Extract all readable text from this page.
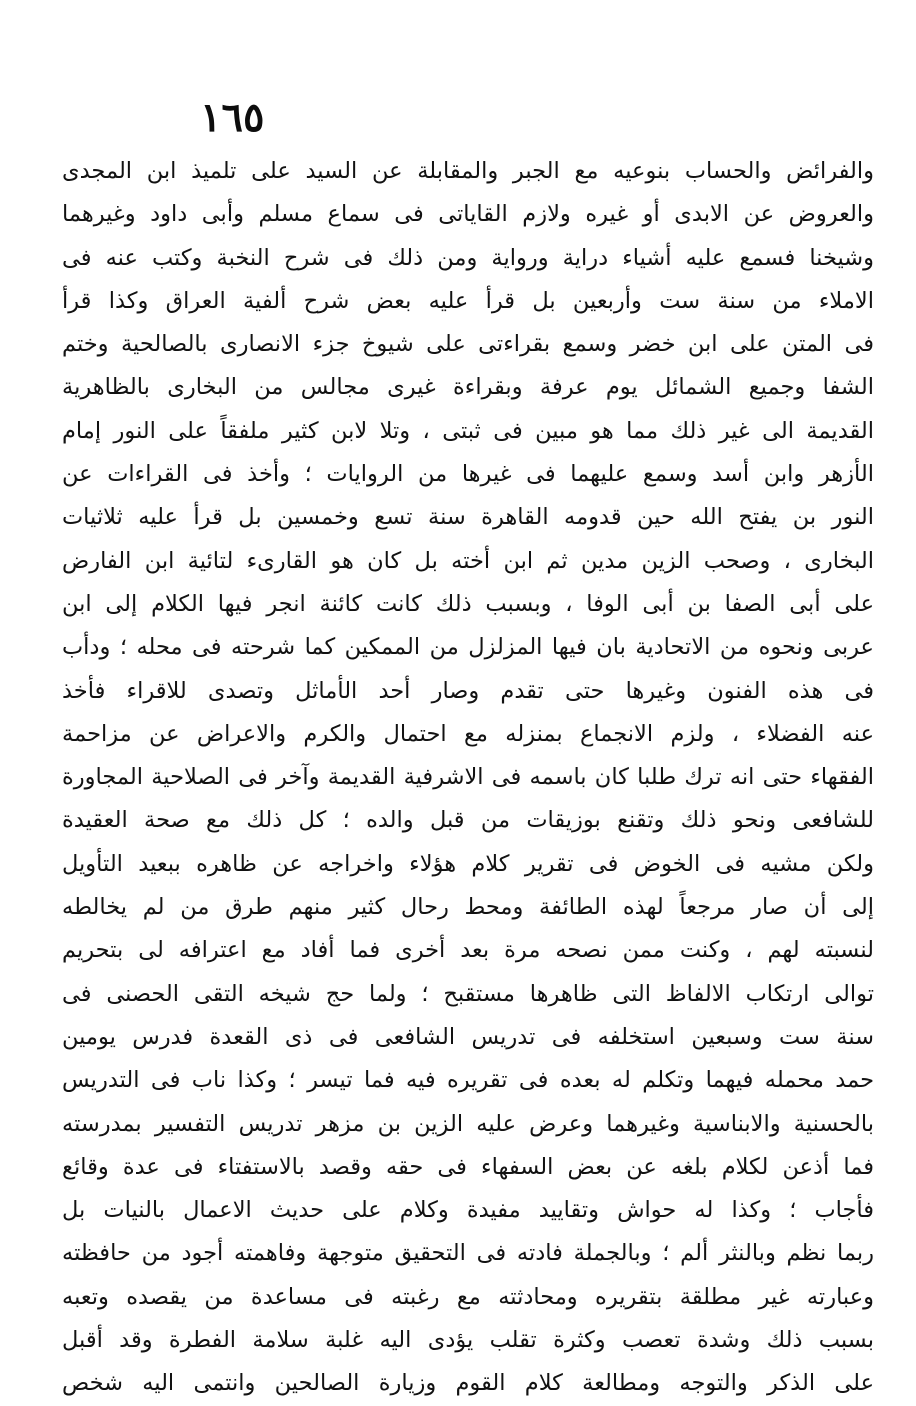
١٦٥
والفرائض والحساب بنوعيه مع الجبر والمقابلة عن السيد على تلميذ ابن المجدى
والعروض عن الابدى أو غيره ولازم القاياتى فى سماع مسلم وأبى داود وغيرهما
وشيخنا فسمع عليه أشياء دراية ورواية ومن ذلك فى شرح النخبة وكتب عنه فى
الاملاء من سنة ست وأربعين بل قرأ عليه بعض شرح ألفية العراق وكذا قرأ
فى المتن على ابن خضر وسمع بقراءتى على شيوخ جزء الانصارى بالصالحية وختم
الشفا وجميع الشمائل يوم عرفة وبقراءة غيرى مجالس من البخارى بالظاهرية
القديمة الى غير ذلك مما هو مبين فى ثبتى ، وتلا لابن كثير ملفقاً على النور إمام
الأزهر وابن أسد وسمع عليهما فى غيرها من الروايات ؛ وأخذ فى القراءات عن
النور بن يفتح الله حين قدومه القاهرة سنة تسع وخمسين بل قرأ عليه ثلاثيات
البخارى ، وصحب الزين مدين ثم ابن أخته بل كان هو القارىء لتائية ابن الفارض
على أبى الصفا بن أبى الوفا ، وبسبب ذلك كانت كائنة انجر فيها الكلام إلى ابن
عربى ونحوه من الاتحادية بان فيها المزلزل من الممكين كما شرحته فى محله ؛ ودأب
فى هذه الفنون وغيرها حتى تقدم وصار أحد الأماثل وتصدى للاقراء فأخذ
عنه الفضلاء ، ولزم الانجماع بمنزله مع احتمال والكرم والاعراض عن مزاحمة
الفقهاء حتى انه ترك طلبا كان باسمه فى الاشرفية القديمة وآخر فى الصلاحية المجاورة
للشافعى ونحو ذلك وتقنع بوزيقات من قبل والده ؛ كل ذلك مع صحة العقيدة
ولكن مشيه فى الخوض فى تقرير كلام هؤلاء واخراجه عن ظاهره ببعيد التأويل
إلى أن صار مرجعاً لهذه الطائفة ومحط رحال كثير منهم طرق من لم يخالطه
لنسبته لهم ، وكنت ممن نصحه مرة بعد أخرى فما أفاد مع اعترافه لى بتحريم
توالى ارتكاب الالفاظ التى ظاهرها مستقبح ؛ ولما حج شيخه التقى الحصنى فى
سنة ست وسبعين استخلفه فى تدريس الشافعى فى ذى القعدة فدرس يومين
حمد محمله فيهما وتكلم له بعده فى تقريره فيه فما تيسر ؛ وكذا ناب فى التدريس
بالحسنية والابناسية وغيرهما وعرض عليه الزين بن مزهر تدريس التفسير بمدرسته
فما أذعن لكلام بلغه عن بعض السفهاء فى حقه وقصد بالاستفتاء فى عدة وقائع
فأجاب ؛ وكذا له حواش وتقاييد مفيدة وكلام على حديث الاعمال بالنيات بل
ربما نظم وبالنثر ألم ؛ وبالجملة فادته فى التحقيق متوجهة وفاهمته أجود من حافظته
وعبارته غير مطلقة بتقريره ومحادثته مع رغبته فى مساعدة من يقصده وتعبه
بسبب ذلك وشدة تعصب وكثرة تقلب يؤدى اليه غلبة سلامة الفطرة وقد أقبل
على الذكر والتوجه ومطالعة كلام القوم وزيارة الصالحين وانتمى اليه شخص
